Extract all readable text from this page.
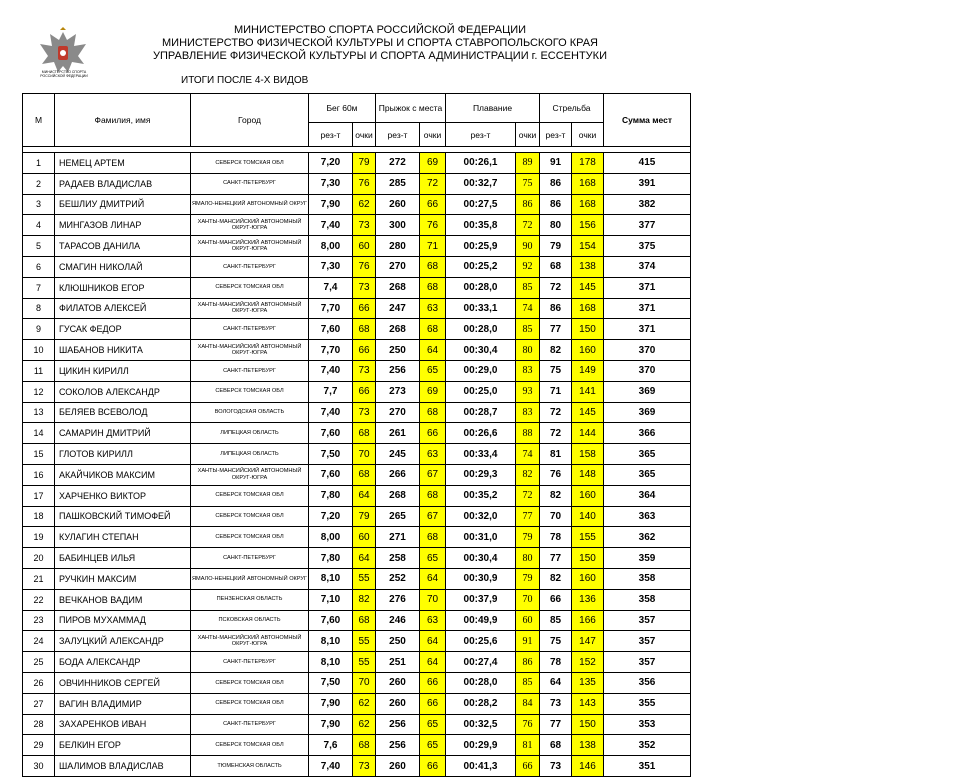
МИНИСТЕРСТВО СПОРТА РОССИЙСКОЙ ФЕДЕРАЦИИ
МИНИСТЕРСТВО СПОРТА РОССИЙСКОЙ ФЕДЕРАЦИИ
МИНИСТЕРСТВО ФИЗИЧЕСКОЙ КУЛЬТУРЫ И СПОРТА СТАВРОПОЛЬСКОГО КРАЯ
УПРАВЛЕНИЕ ФИЗИЧЕСКОЙ КУЛЬТУРЫ И СПОРТА АДМИНИСТРАЦИИ г. ЕССЕНТУКИ
ИТОГИ ПОСЛЕ 4-Х ВИДОВ
М	Фамилия, имя	Город	Бег 60м		Прыжок с места		Плавание		Стрельба		Сумма мест
			рез-т	очки	рез-т	очки	рез-т	очки	рез-т	очки	

1	НЕМЕЦ АРТЕМ	СЕВЕРСК ТОМСКАЯ ОБЛ	7,20	79	272	69	00:26,1	89	91	178	415
2	РАДАЕВ ВЛАДИСЛАВ	САНКТ-ПЕТЕРБУРГ	7,30	76	285	72	00:32,7	75	86	168	391
3	БЕШЛИУ ДМИТРИЙ	ЯМАЛО-НЕНЕЦКИЙ АВТОНОМНЫЙ ОКРУГ	7,90	62	260	66	00:27,5	86	86	168	382
4	МИНГАЗОВ ЛИНАР	ХАНТЫ-МАНСИЙСКИЙ АВТОНОМНЫЙ ОКРУГ-ЮГРА	7,40	73	300	76	00:35,8	72	80	156	377
5	ТАРАСОВ ДАНИЛА	ХАНТЫ-МАНСИЙСКИЙ АВТОНОМНЫЙ ОКРУГ-ЮГРА	8,00	60	280	71	00:25,9	90	79	154	375
6	СМАГИН НИКОЛАЙ	САНКТ-ПЕТЕРБУРГ	7,30	76	270	68	00:25,2	92	68	138	374
7	КЛЮШНИКОВ ЕГОР	СЕВЕРСК ТОМСКАЯ ОБЛ	7,4	73	268	68	00:28,0	85	72	145	371
8	ФИЛАТОВ АЛЕКСЕЙ	ХАНТЫ-МАНСИЙСКИЙ АВТОНОМНЫЙ ОКРУГ-ЮГРА	7,70	66	247	63	00:33,1	74	86	168	371
9	ГУСАК ФЕДОР	САНКТ-ПЕТЕРБУРГ	7,60	68	268	68	00:28,0	85	77	150	371
10	ШАБАНОВ НИКИТА	ХАНТЫ-МАНСИЙСКИЙ АВТОНОМНЫЙ ОКРУГ-ЮГРА	7,70	66	250	64	00:30,4	80	82	160	370
11	ЦИКИН КИРИЛЛ	САНКТ-ПЕТЕРБУРГ	7,40	73	256	65	00:29,0	83	75	149	370
12	СОКОЛОВ АЛЕКСАНДР	СЕВЕРСК ТОМСКАЯ ОБЛ	7,7	66	273	69	00:25,0	93	71	141	369
13	БЕЛЯЕВ ВСЕВОЛОД	ВОЛОГОДСКАЯ ОБЛАСТЬ	7,40	73	270	68	00:28,7	83	72	145	369
14	САМАРИН ДМИТРИЙ	ЛИПЕЦКАЯ ОБЛАСТЬ	7,60	68	261	66	00:26,6	88	72	144	366
15	ГЛОТОВ КИРИЛЛ	ЛИПЕЦКАЯ ОБЛАСТЬ	7,50	70	245	63	00:33,4	74	81	158	365
16	АКАЙЧИКОВ МАКСИМ	ХАНТЫ-МАНСИЙСКИЙ АВТОНОМНЫЙ ОКРУГ-ЮГРА	7,60	68	266	67	00:29,3	82	76	148	365
17	ХАРЧЕНКО ВИКТОР	СЕВЕРСК ТОМСКАЯ ОБЛ	7,80	64	268	68	00:35,2	72	82	160	364
18	ПАШКОВСКИЙ ТИМОФЕЙ	СЕВЕРСК ТОМСКАЯ ОБЛ	7,20	79	265	67	00:32,0	77	70	140	363
19	КУЛАГИН СТЕПАН	СЕВЕРСК ТОМСКАЯ ОБЛ	8,00	60	271	68	00:31,0	79	78	155	362
20	БАБИНЦЕВ ИЛЬЯ	САНКТ-ПЕТЕРБУРГ	7,80	64	258	65	00:30,4	80	77	150	359
21	РУЧКИН МАКСИМ	ЯМАЛО-НЕНЕЦКИЙ АВТОНОМНЫЙ ОКРУГ	8,10	55	252	64	00:30,9	79	82	160	358
22	ВЕЧКАНОВ ВАДИМ	ПЕНЗЕНСКАЯ ОБЛАСТЬ	7,10	82	276	70	00:37,9	70	66	136	358
23	ПИРОВ МУХАММАД	ПСКОВСКАЯ ОБЛАСТЬ	7,60	68	246	63	00:49,9	60	85	166	357
24	ЗАЛУЦКИЙ АЛЕКСАНДР	ХАНТЫ-МАНСИЙСКИЙ АВТОНОМНЫЙ ОКРУГ-ЮГРА	8,10	55	250	64	00:25,6	91	75	147	357
25	БОДА АЛЕКСАНДР	САНКТ-ПЕТЕРБУРГ	8,10	55	251	64	00:27,4	86	78	152	357
26	ОВЧИННИКОВ СЕРГЕЙ	СЕВЕРСК ТОМСКАЯ ОБЛ	7,50	70	260	66	00:28,0	85	64	135	356
27	ВАГИН ВЛАДИМИР	СЕВЕРСК ТОМСКАЯ ОБЛ	7,90	62	260	66	00:28,2	84	73	143	355
28	ЗАХАРЕНКОВ ИВАН	САНКТ-ПЕТЕРБУРГ	7,90	62	256	65	00:32,5	76	77	150	353
29	БЕЛКИН ЕГОР	СЕВЕРСК ТОМСКАЯ ОБЛ	7,6	68	256	65	00:29,9	81	68	138	352
30	ШАЛИМОВ ВЛАДИСЛАВ	ТЮМЕНСКАЯ ОБЛАСТЬ	7,40	73	260	66	00:41,3	66	73	146	351
